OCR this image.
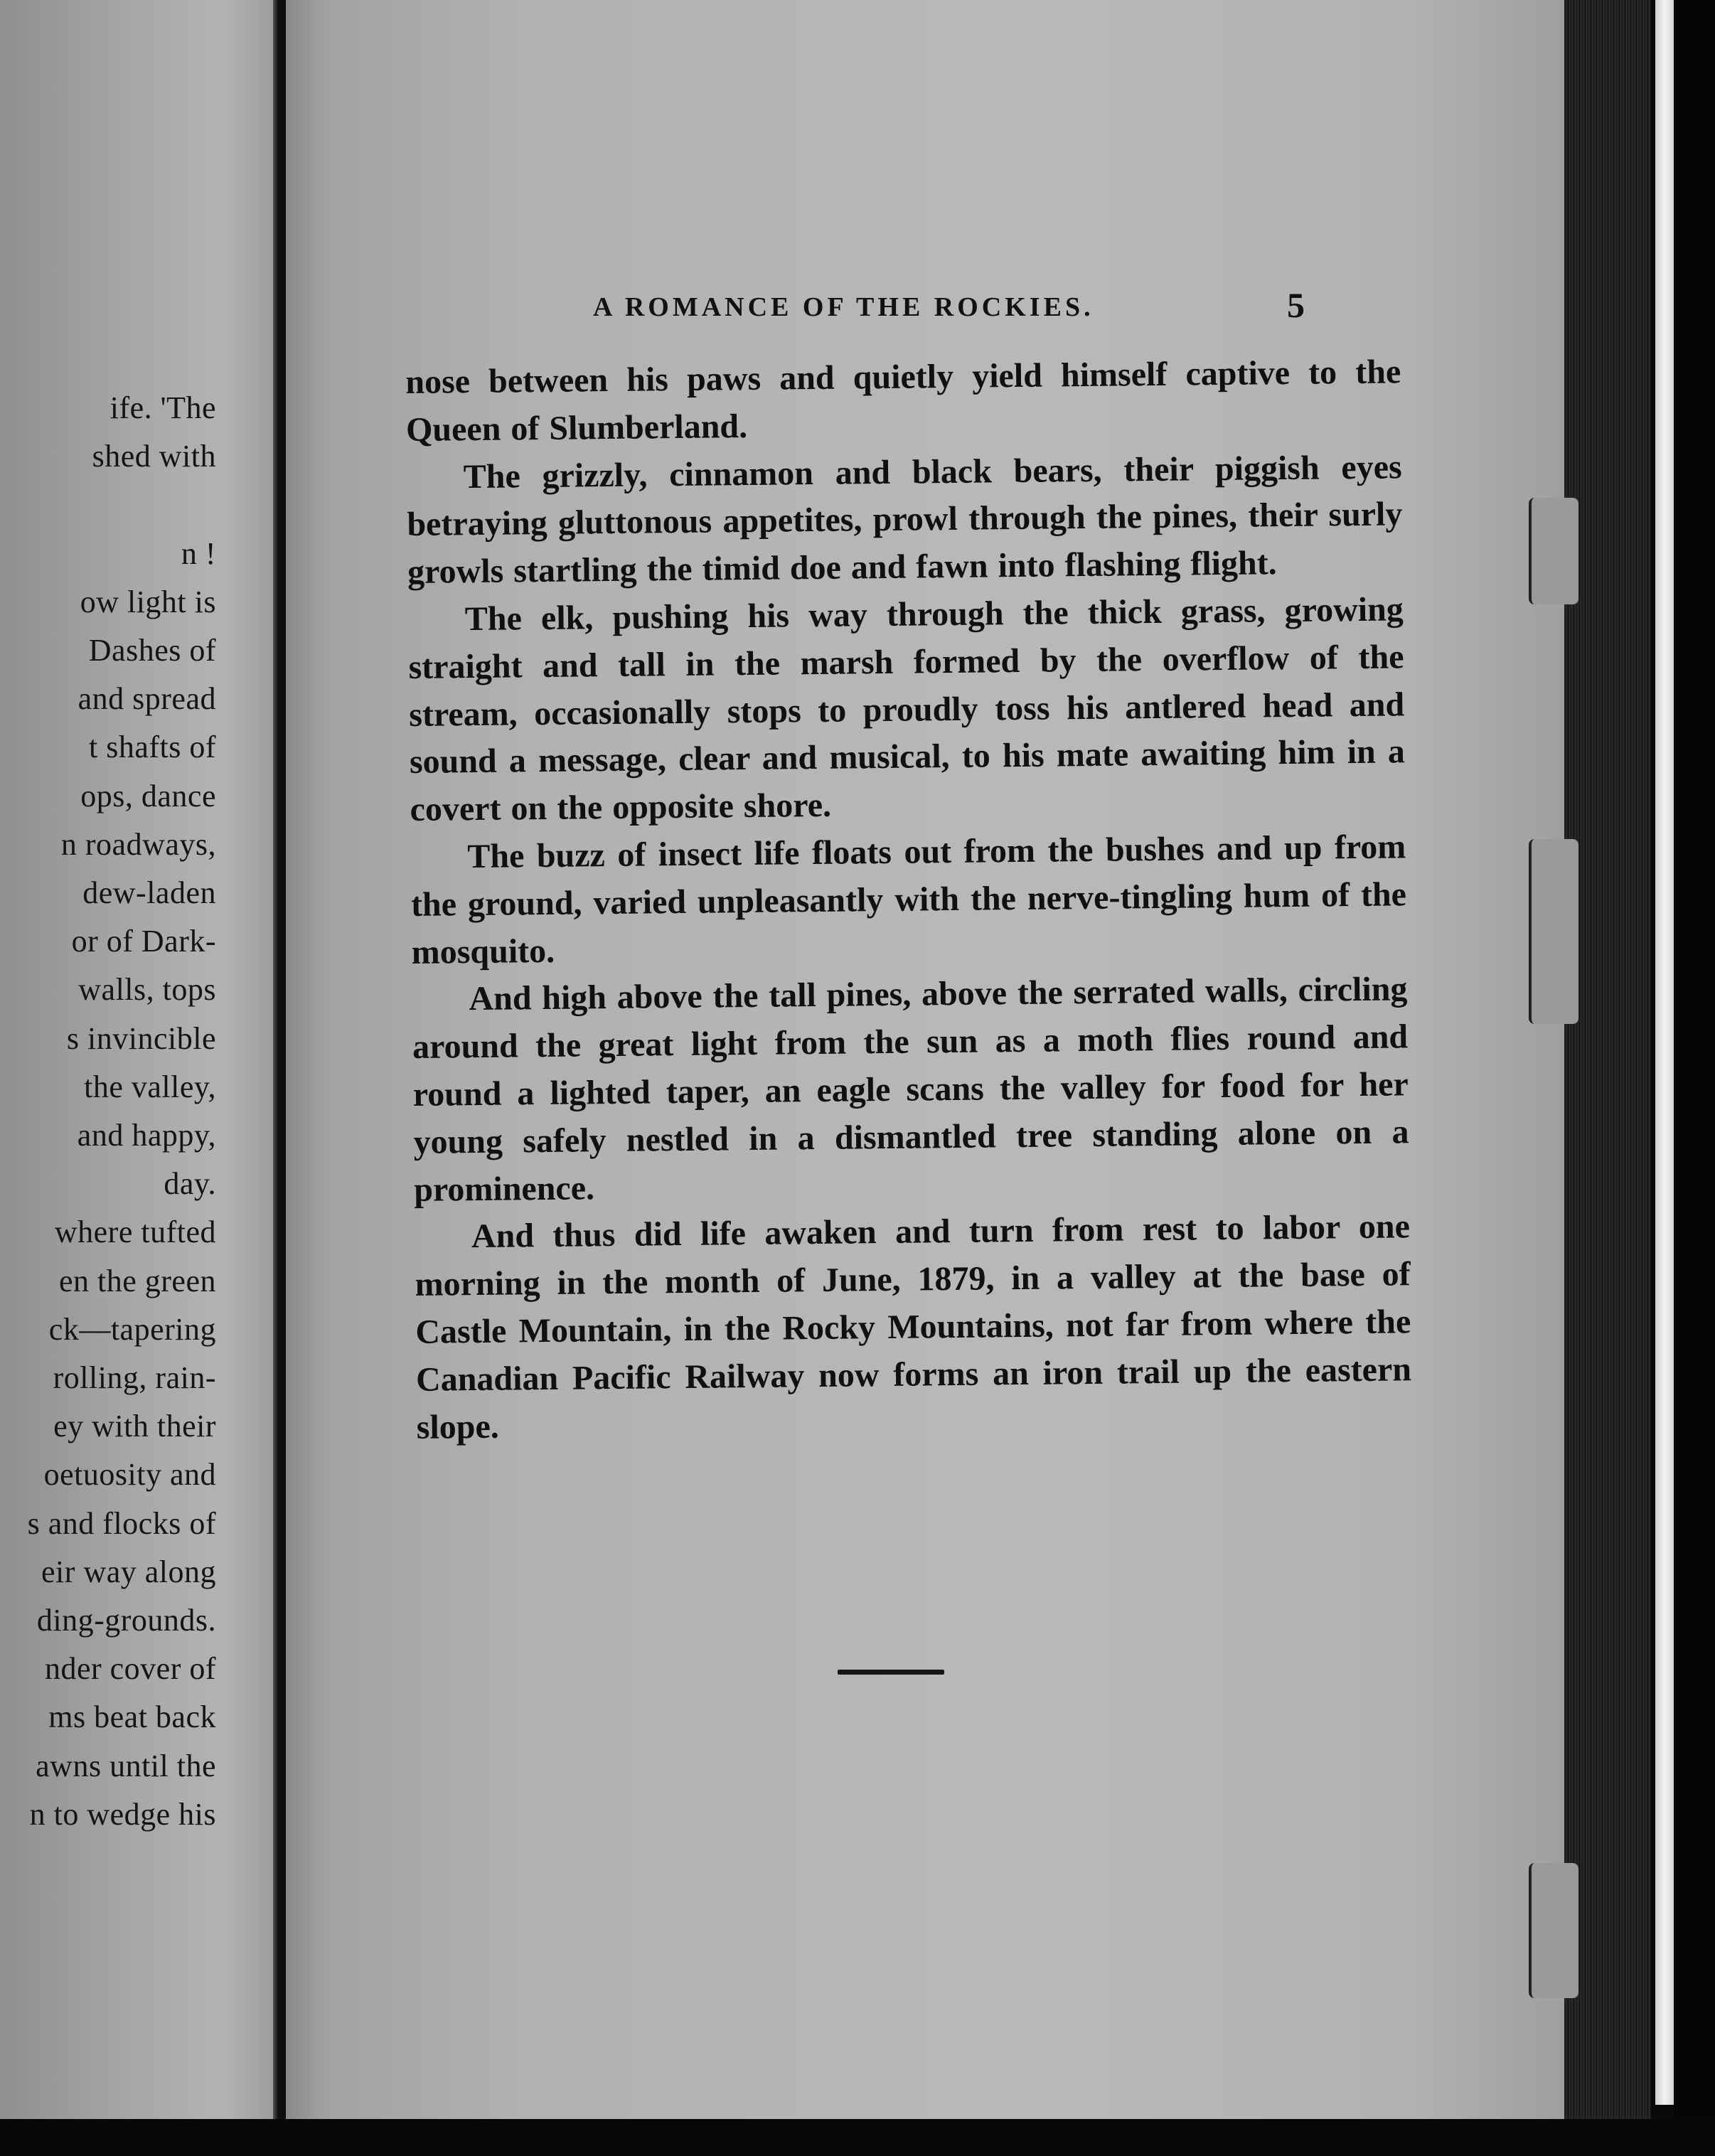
ife. 'The
shed with
n !
ow light is
Dashes of
and spread
t shafts of
ops, dance
n roadways,
dew-laden
or of Dark-
walls, tops
s invincible
the valley,
and happy,
day.
where tufted
en the green
ck—tapering
rolling, rain-
ey with their
oetuosity and
s and flocks of
eir way along
ding-grounds.
nder cover of
ms beat back
awns until the
n to wedge his
A ROMANCE OF THE ROCKIES.	5

nose between his paws and quietly yield himself captive to the Queen of Slumberland.

The grizzly, cinnamon and black bears, their piggish eyes betraying gluttonous appetites, prowl through the pines, their surly growls startling the timid doe and fawn into flashing flight.

The elk, pushing his way through the thick grass, growing straight and tall in the marsh formed by the overflow of the stream, occasionally stops to proudly toss his antlered head and sound a message, clear and musical, to his mate awaiting him in a covert on the opposite shore.

The buzz of insect life floats out from the bushes and up from the ground, varied unpleasantly with the nerve-tingling hum of the mosquito.

And high above the tall pines, above the serrated walls, circling around the great light from the sun as a moth flies round and round a lighted taper, an eagle scans the valley for food for her young safely nestled in a dismantled tree standing alone on a prominence.

And thus did life awaken and turn from rest to labor one morning in the month of June, 1879, in a valley at the base of Castle Mountain, in the Rocky Mountains, not far from where the Canadian Pacific Railway now forms an iron trail up the eastern slope.
